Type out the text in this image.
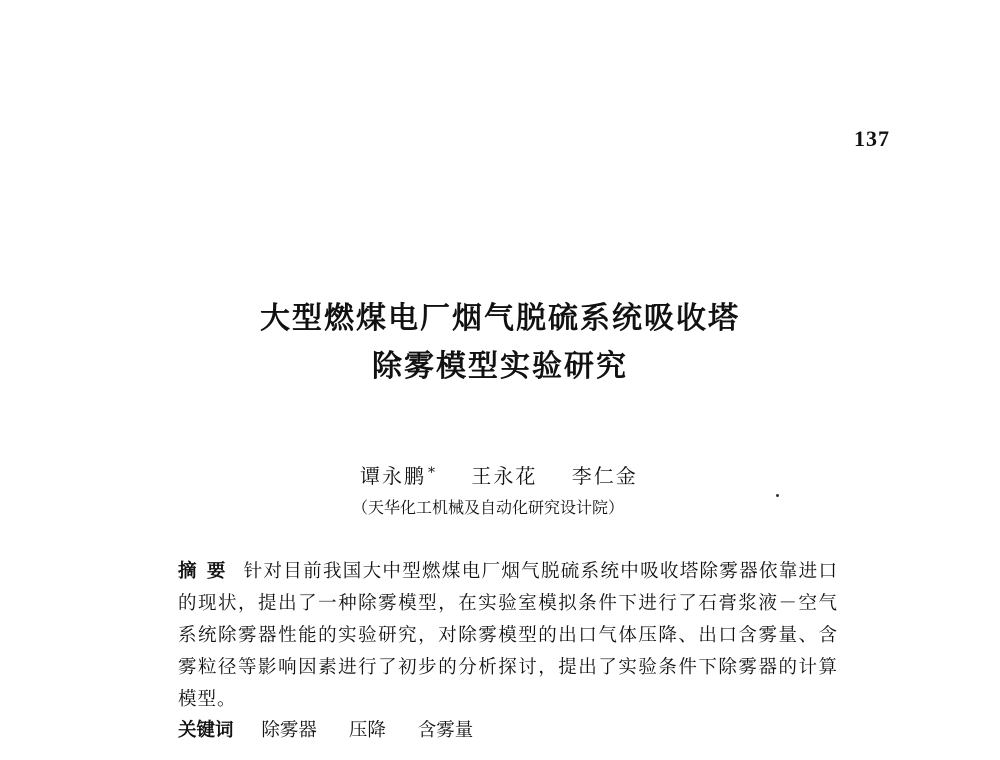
137
大型燃煤电厂烟气脱硫系统吸收塔
除雾模型实验研究
谭永鹏 * 王永花 李仁金
（天华化工机械及自动化研究设计院）
摘要 针对目前我国大中型燃煤电厂烟气脱硫系统中吸收塔除雾器依靠进口的现状，提出了一种除雾模型，在实验室模拟条件下进行了石膏浆液－空气系统除雾器性能的实验研究，对除雾模型的出口气体压降、出口含雾量、含雾粒径等影响因素进行了初步的分析探讨，提出了实验条件下除雾器的计算模型。
关键词 除雾器 压降 含雾量
